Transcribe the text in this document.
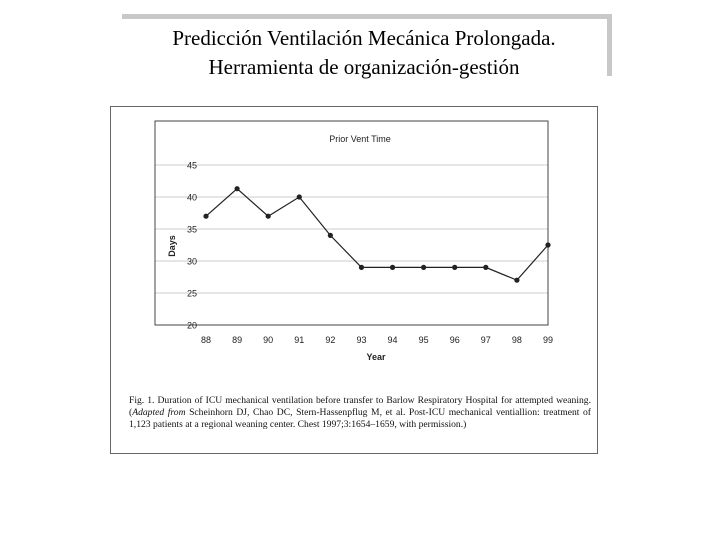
Predicción Ventilación Mecánica Prolongada.
Herramienta de organización-gestión
Prior Vent Time
20
25
30
35
40
45
88 89 90 91 92 93 94 95 96 97 98 99
Year
Days
Fig. 1. Duration of ICU mechanical ventilation before transfer to Barlow Respiratory Hospital for attempted weaning. (Adapted from Scheinhorn DJ, Chao DC, Stern-Hassenpflug M, et al. Post-ICU mechanical ventiallion: treatment of 1,123 patients at a regional weaning center. Chest 1997;3:1654–1659, with permission.)
